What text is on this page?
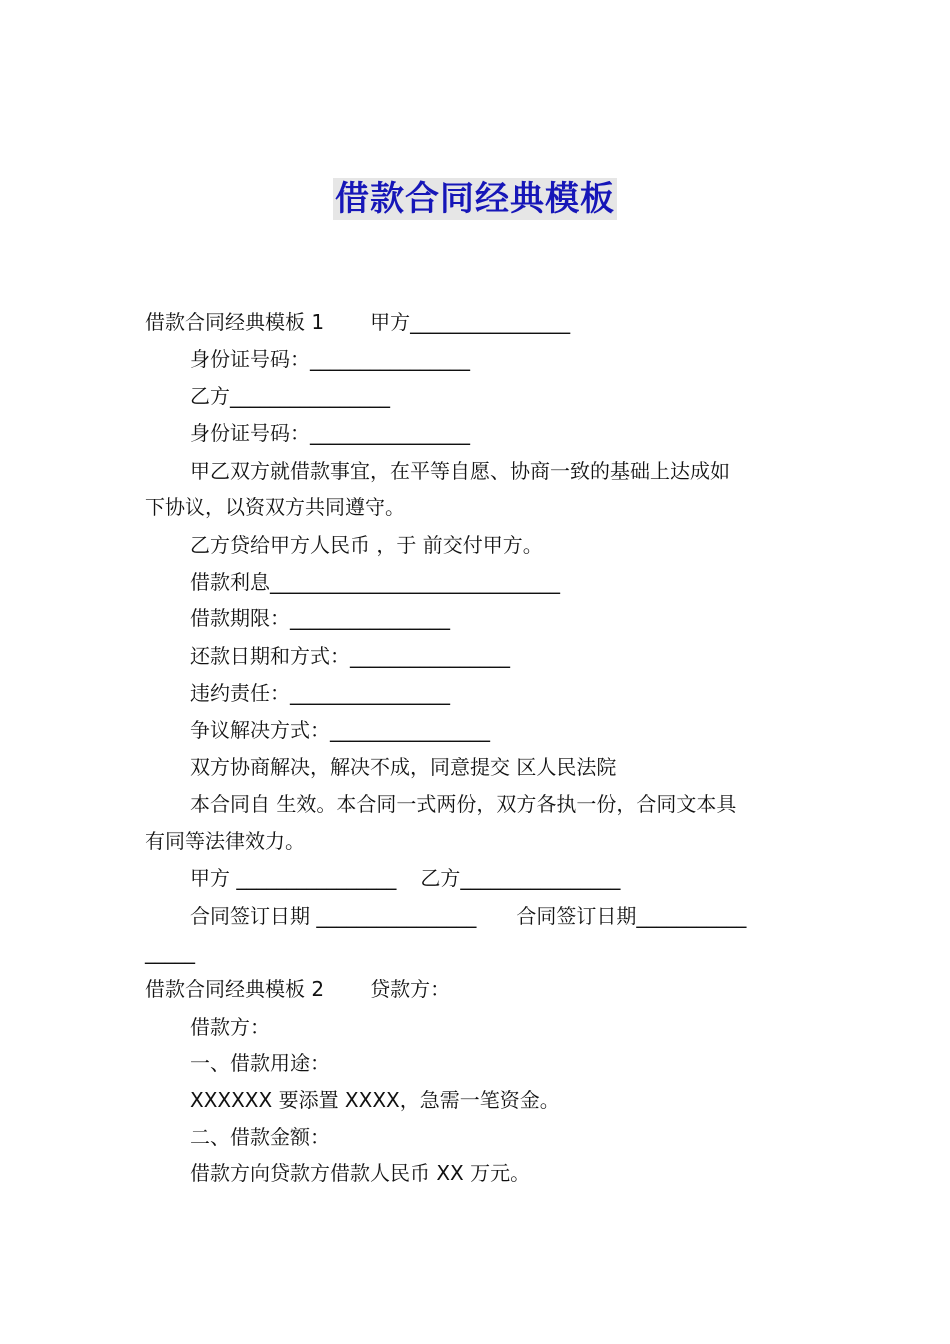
借款合同经典模板
借款合同经典模板 1 甲方________________
身份证号码：________________
乙方________________
身份证号码：________________
甲乙双方就借款事宜，在平等自愿、协商一致的基础上达成如
下协议，以资双方共同遵守。
乙方贷给甲方人民币 ，于 前交付甲方。
借款利息_____________________________
借款期限：________________
还款日期和方式：________________
违约责任：________________
争议解决方式：________________
双方协商解决，解决不成，同意提交 区人民法院
本合同自 生效。本合同一式两份，双方各执一份，合同文本具
有同等法律效力。
甲方 ________________ 乙方________________
合同签订日期 ________________ 合同签订日期___________
_____
借款合同经典模板 2 贷款方：
借款方：
一、借款用途：
XXXXXX 要添置 XXXX，急需一笔资金。
二、借款金额：
借款方向贷款方借款人民币 XX 万元。
